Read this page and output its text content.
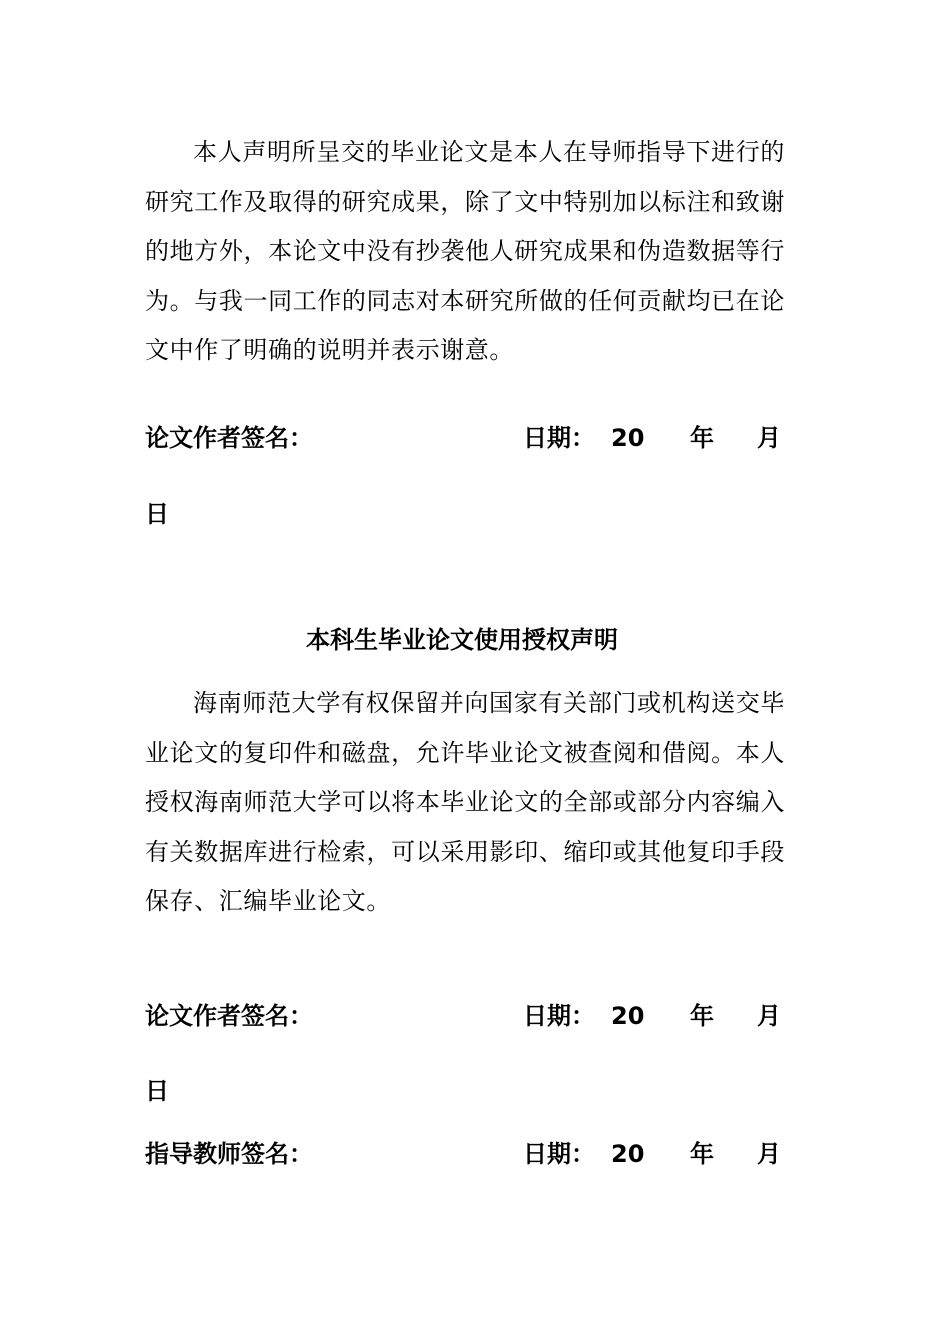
本人声明所呈交的毕业论文是本人在导师指导下进行的研究工作及取得的研究成果，除了文中特别加以标注和致谢的地方外，本论文中没有抄袭他人研究成果和伪造数据等行为。与我一同工作的同志对本研究所做的任何贡献均已在论文中作了明确的说明并表示谢意。

论文作者签名：	日期： 20 年 月
日
本科生毕业论文使用授权声明

海南师范大学有权保留并向国家有关部门或机构送交毕业论文的复印件和磁盘，允许毕业论文被查阅和借阅。本人授权海南师范大学可以将本毕业论文的全部或部分内容编入有关数据库进行检索，可以采用影印、缩印或其他复印手段保存、汇编毕业论文。

论文作者签名：	日期： 20 年 月
日
指导教师签名：	日期： 20 年 月
